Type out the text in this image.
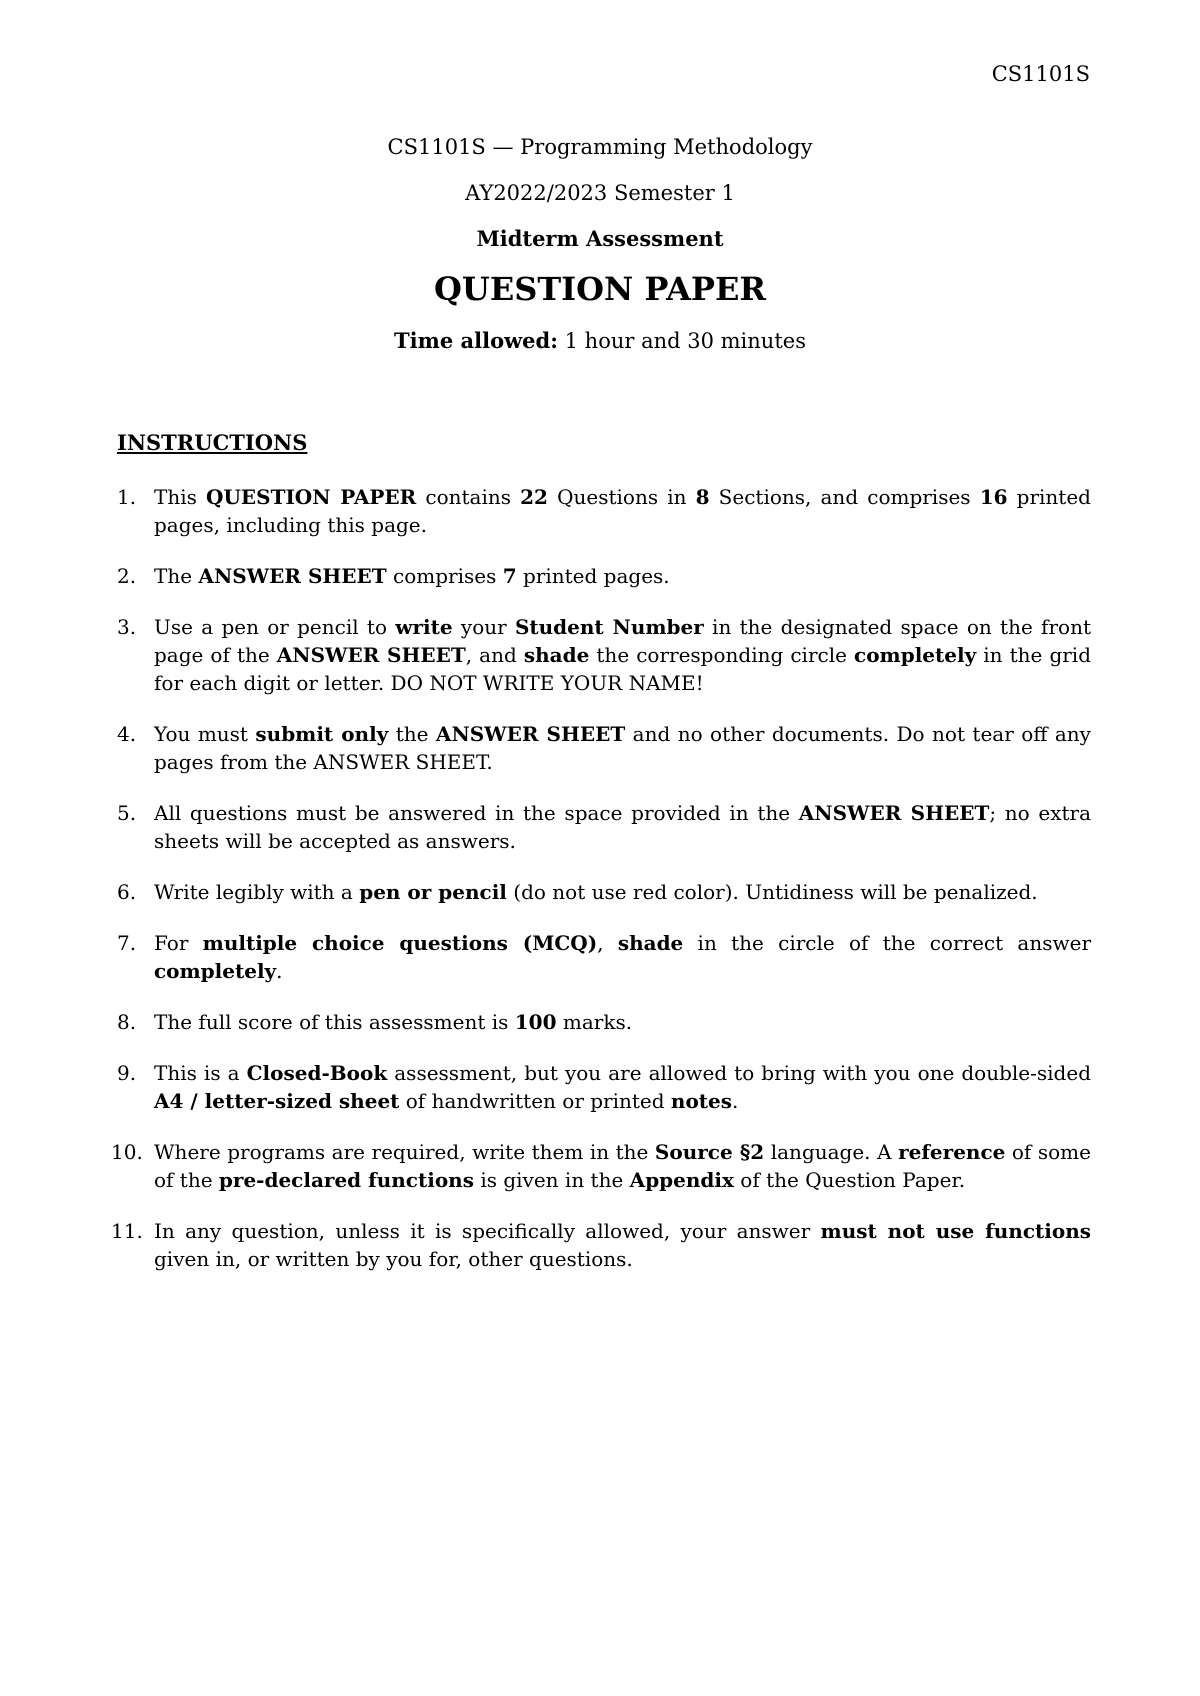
CS1101S
CS1101S — Programming Methodology
AY2022/2023 Semester 1
Midterm Assessment
QUESTION PAPER
Time allowed: 1 hour and 30 minutes
INSTRUCTIONS
1. This QUESTION PAPER contains 22 Questions in 8 Sections, and comprises 16 printed pages, including this page.
2. The ANSWER SHEET comprises 7 printed pages.
3. Use a pen or pencil to write your Student Number in the designated space on the front page of the ANSWER SHEET, and shade the corresponding circle completely in the grid for each digit or letter. DO NOT WRITE YOUR NAME!
4. You must submit only the ANSWER SHEET and no other documents. Do not tear off any pages from the ANSWER SHEET.
5. All questions must be answered in the space provided in the ANSWER SHEET; no extra sheets will be accepted as answers.
6. Write legibly with a pen or pencil (do not use red color). Untidiness will be penalized.
7. For multiple choice questions (MCQ), shade in the circle of the correct answer completely.
8. The full score of this assessment is 100 marks.
9. This is a Closed-Book assessment, but you are allowed to bring with you one double-sided A4 / letter-sized sheet of handwritten or printed notes.
10. Where programs are required, write them in the Source §2 language. A reference of some of the pre-declared functions is given in the Appendix of the Question Paper.
11. In any question, unless it is specifically allowed, your answer must not use functions given in, or written by you for, other questions.
